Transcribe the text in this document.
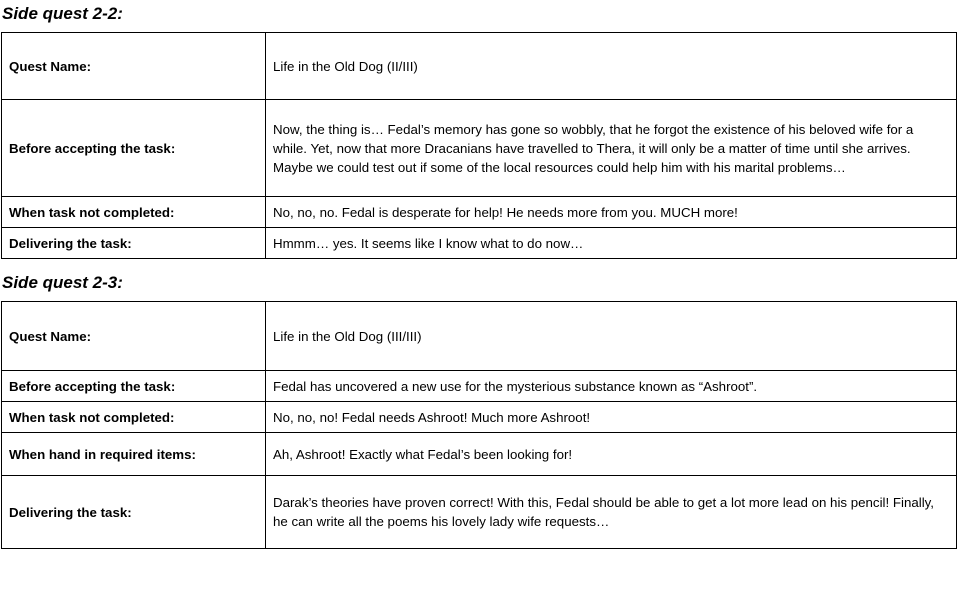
Side quest 2-2:
Quest Name:	Life in the Old Dog (II/III)
Before accepting the task:	Now, the thing is… Fedal’s memory has gone so wobbly, that he forgot the existence of his beloved wife for a while. Yet, now that more Dracanians have travelled to Thera, it will only be a matter of time until she arrives. Maybe we could test out if some of the local resources could help him with his marital problems…
When task not completed:	No, no, no. Fedal is desperate for help! He needs more from you. MUCH more!
Delivering the task:	Hmmm… yes. It seems like I know what to do now…
Side quest 2-3:
Quest Name:	Life in the Old Dog (III/III)
Before accepting the task:	Fedal has uncovered a new use for the mysterious substance known as “Ashroot”.
When task not completed:	No, no, no! Fedal needs Ashroot! Much more Ashroot!
When hand in required items:	Ah, Ashroot! Exactly what Fedal’s been looking for!
Delivering the task:	Darak’s theories have proven correct! With this, Fedal should be able to get a lot more lead on his pencil! Finally, he can write all the poems his lovely lady wife requests…
